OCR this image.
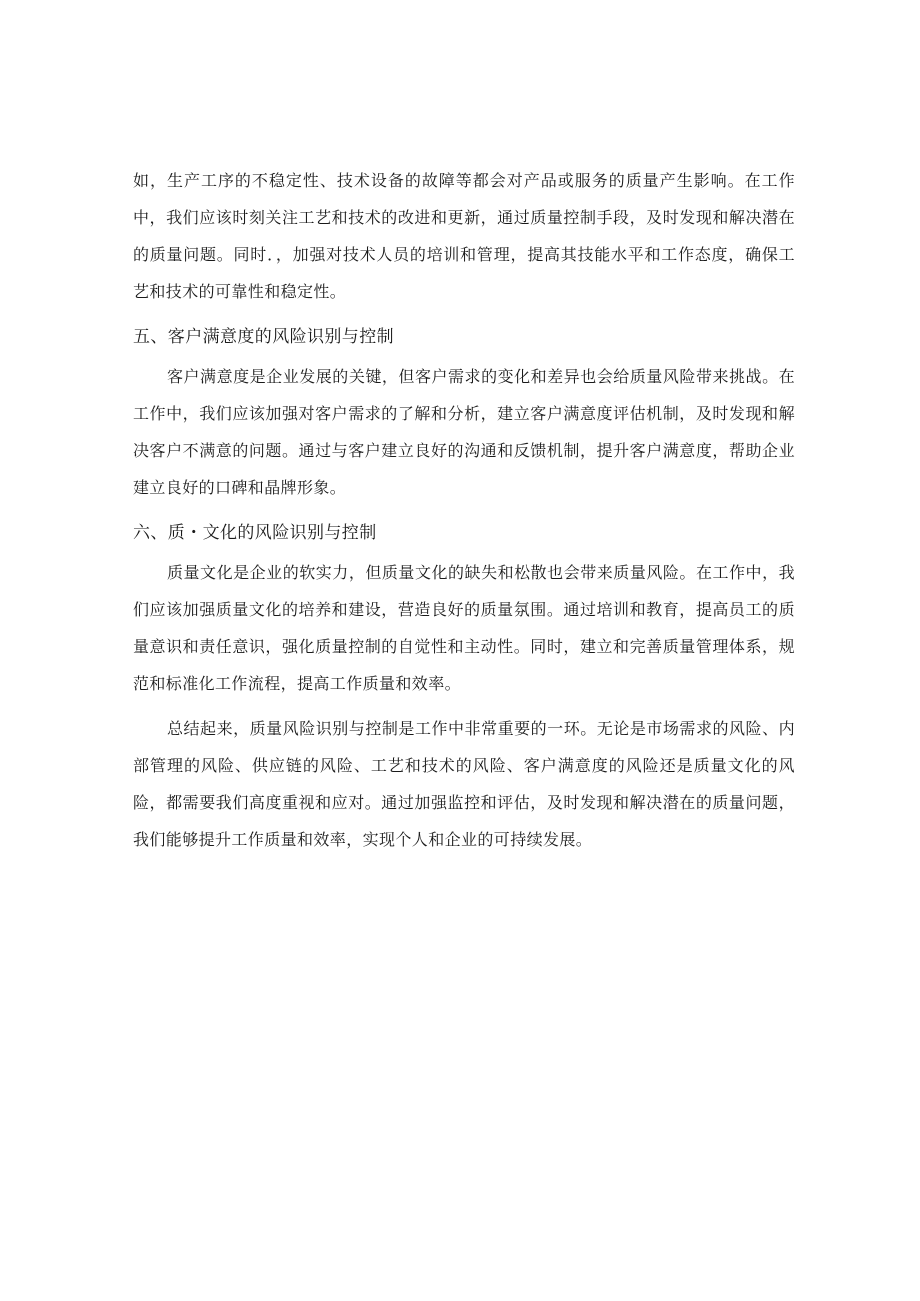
如，生产工序的不稳定性、技术设备的故障等都会对产品或服务的质量产生影响。在工作中，我们应该时刻关注工艺和技术的改进和更新，通过质量控制手段，及时发现和解决潜在的质量问题。同时．，加强对技术人员的培训和管理，提高其技能水平和工作态度，确保工艺和技术的可靠性和稳定性。

五、客户满意度的风险识别与控制

客户满意度是企业发展的关键，但客户需求的变化和差异也会给质量风险带来挑战。在工作中，我们应该加强对客户需求的了解和分析，建立客户满意度评估机制，及时发现和解决客户不满意的问题。通过与客户建立良好的沟通和反馈机制，提升客户满意度，帮助企业建立良好的口碑和晶牌形象。

六、质・文化的风险识别与控制

质量文化是企业的软实力，但质量文化的缺失和松散也会带来质量风险。在工作中，我们应该加强质量文化的培养和建设，营造良好的质量氛围。通过培训和教育，提高员工的质量意识和责任意识，强化质量控制的自觉性和主动性。同时，建立和完善质量管理体系，规范和标准化工作流程，提高工作质量和效率。

总结起来，质量风险识别与控制是工作中非常重要的一环。无论是市场需求的风险、内部管理的风险、供应链的风险、工艺和技术的风险、客户满意度的风险还是质量文化的风险，都需要我们高度重视和应对。通过加强监控和评估，及时发现和解决潜在的质量问题，我们能够提升工作质量和效率，实现个人和企业的可持续发展。
